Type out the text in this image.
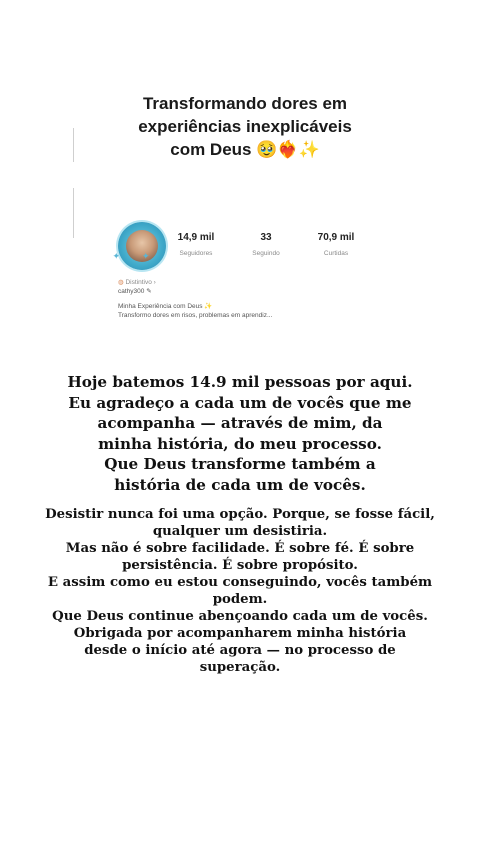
Transformando dores em
experiências inexplicáveis
com Deus 🥹❤️‍🔥✨
✦✦
14,9 mil
Seguidores
33
Seguindo
70,9 mil
Curtidas
◍ Distintivo ›
cathy300 ✎
Minha Experiência com Deus ✨
Transformo dores em risos, problemas em aprendiz...
Hoje batemos 14.9 mil pessoas por aqui.
Eu agradeço a cada um de vocês que me
acompanha — através de mim, da
minha história, do meu processo.
Que Deus transforme também a
história de cada um de vocês.
Desistir nunca foi uma opção. Porque, se fosse fácil,
qualquer um desistiria.
Mas não é sobre facilidade. É sobre fé. É sobre
persistência. É sobre propósito.
E assim como eu estou conseguindo, vocês também
podem.
Que Deus continue abençoando cada um de vocês.
Obrigada por acompanharem minha história
desde o início até agora — no processo de
superação.
